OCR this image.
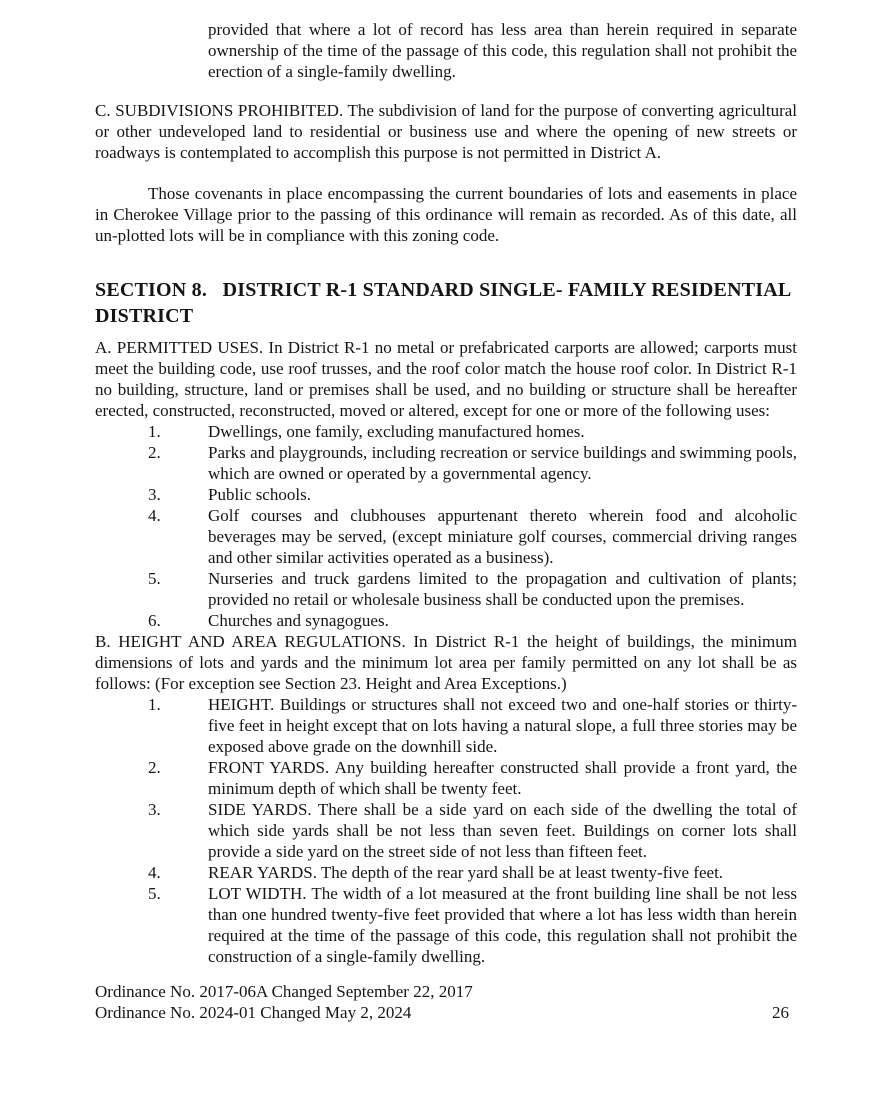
provided that where a lot of record has less area than herein required in separate ownership of the time of the passage of this code, this regulation shall not prohibit the erection of a single-family dwelling.

C. SUBDIVISIONS PROHIBITED. The subdivision of land for the purpose of converting agricultural or other undeveloped land to residential or business use and where the opening of new streets or roadways is contemplated to accomplish this purpose is not permitted in District A.

Those covenants in place encompassing the current boundaries of lots and easements in place in Cherokee Village prior to the passing of this ordinance will remain as recorded. As of this date, all un-plotted lots will be in compliance with this zoning code.

SECTION 8.   DISTRICT R-1 STANDARD SINGLE- FAMILY RESIDENTIAL DISTRICT

A. PERMITTED USES. In District R-1 no metal or prefabricated carports are allowed; carports must meet the building code, use roof trusses, and the roof color match the house roof color. In District R-1 no building, structure, land or premises shall be used, and no building or structure shall be hereafter erected, constructed, reconstructed, moved or altered, except for one or more of the following uses:

1.	Dwellings, one family, excluding manufactured homes.
2.	Parks and playgrounds, including recreation or service buildings and swimming pools, which are owned or operated by a governmental agency.
3.	Public schools.
4.	Golf courses and clubhouses appurtenant thereto wherein food and alcoholic beverages may be served, (except miniature golf courses, commercial driving ranges and other similar activities operated as a business).
5.	Nurseries and truck gardens limited to the propagation and cultivation of plants; provided no retail or wholesale business shall be conducted upon the premises.
6.	Churches and synagogues.

B. HEIGHT AND AREA REGULATIONS. In District R-1 the height of buildings, the minimum dimensions of lots and yards and the minimum lot area per family permitted on any lot shall be as follows: (For exception see Section 23. Height and Area Exceptions.)

1.	HEIGHT. Buildings or structures shall not exceed two and one-half stories or thirty-five feet in height except that on lots having a natural slope, a full three stories may be exposed above grade on the downhill side.
2.	FRONT YARDS. Any building hereafter constructed shall provide a front yard, the minimum depth of which shall be twenty feet.
3.	SIDE YARDS. There shall be a side yard on each side of the dwelling the total of which side yards shall be not less than seven feet. Buildings on corner lots shall provide a side yard on the street side of not less than fifteen feet.
4.	REAR YARDS. The depth of the rear yard shall be at least twenty-five feet.
5.	LOT WIDTH. The width of a lot measured at the front building line shall be not less than one hundred twenty-five feet provided that where a lot has less width than herein required at the time of the passage of this code, this regulation shall not prohibit the construction of a single-family dwelling.

Ordinance No. 2017-06A Changed September 22, 2017

Ordinance No. 2024-01 Changed May 2, 2024	26
